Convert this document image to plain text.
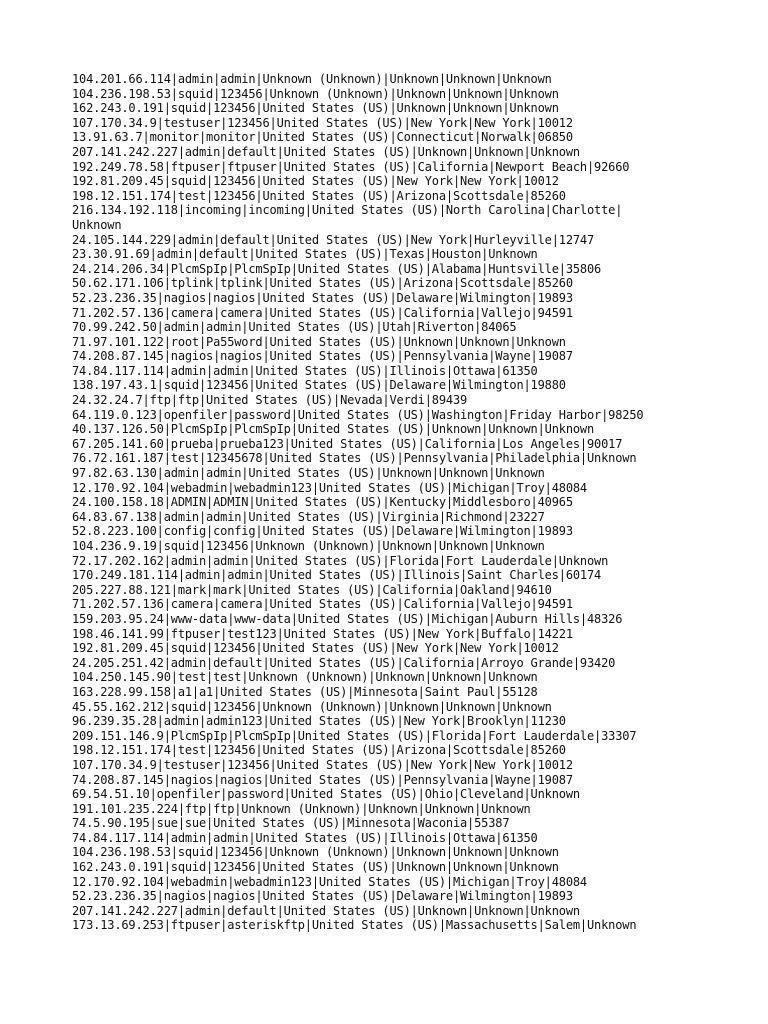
104.201.66.114|admin|admin|Unknown (Unknown)|Unknown|Unknown|Unknown
104.236.198.53|squid|123456|Unknown (Unknown)|Unknown|Unknown|Unknown
162.243.0.191|squid|123456|United States (US)|Unknown|Unknown|Unknown
107.170.34.9|testuser|123456|United States (US)|New York|New York|10012
13.91.63.7|monitor|monitor|United States (US)|Connecticut|Norwalk|06850
207.141.242.227|admin|default|United States (US)|Unknown|Unknown|Unknown
192.249.78.58|ftpuser|ftpuser|United States (US)|California|Newport Beach|92660
192.81.209.45|squid|123456|United States (US)|New York|New York|10012
198.12.151.174|test|123456|United States (US)|Arizona|Scottsdale|85260
216.134.192.118|incoming|incoming|United States (US)|North Carolina|Charlotte|
Unknown
24.105.144.229|admin|default|United States (US)|New York|Hurleyville|12747
23.30.91.69|admin|default|United States (US)|Texas|Houston|Unknown
24.214.206.34|PlcmSpIp|PlcmSpIp|United States (US)|Alabama|Huntsville|35806
50.62.171.106|tplink|tplink|United States (US)|Arizona|Scottsdale|85260
52.23.236.35|nagios|nagios|United States (US)|Delaware|Wilmington|19893
71.202.57.136|camera|camera|United States (US)|California|Vallejo|94591
70.99.242.50|admin|admin|United States (US)|Utah|Riverton|84065
71.97.101.122|root|Pa55word|United States (US)|Unknown|Unknown|Unknown
74.208.87.145|nagios|nagios|United States (US)|Pennsylvania|Wayne|19087
74.84.117.114|admin|admin|United States (US)|Illinois|Ottawa|61350
138.197.43.1|squid|123456|United States (US)|Delaware|Wilmington|19880
24.32.24.7|ftp|ftp|United States (US)|Nevada|Verdi|89439
64.119.0.123|openfiler|password|United States (US)|Washington|Friday Harbor|98250
40.137.126.50|PlcmSpIp|PlcmSpIp|United States (US)|Unknown|Unknown|Unknown
67.205.141.60|prueba|prueba123|United States (US)|California|Los Angeles|90017
76.72.161.187|test|12345678|United States (US)|Pennsylvania|Philadelphia|Unknown
97.82.63.130|admin|admin|United States (US)|Unknown|Unknown|Unknown
12.170.92.104|webadmin|webadmin123|United States (US)|Michigan|Troy|48084
24.100.158.18|ADMIN|ADMIN|United States (US)|Kentucky|Middlesboro|40965
64.83.67.138|admin|admin|United States (US)|Virginia|Richmond|23227
52.8.223.100|config|config|United States (US)|Delaware|Wilmington|19893
104.236.9.19|squid|123456|Unknown (Unknown)|Unknown|Unknown|Unknown
72.17.202.162|admin|admin|United States (US)|Florida|Fort Lauderdale|Unknown
170.249.181.114|admin|admin|United States (US)|Illinois|Saint Charles|60174
205.227.88.121|mark|mark|United States (US)|California|Oakland|94610
71.202.57.136|camera|camera|United States (US)|California|Vallejo|94591
159.203.95.24|www-data|www-data|United States (US)|Michigan|Auburn Hills|48326
198.46.141.99|ftpuser|test123|United States (US)|New York|Buffalo|14221
192.81.209.45|squid|123456|United States (US)|New York|New York|10012
24.205.251.42|admin|default|United States (US)|California|Arroyo Grande|93420
104.250.145.90|test|test|Unknown (Unknown)|Unknown|Unknown|Unknown
163.228.99.158|a1|a1|United States (US)|Minnesota|Saint Paul|55128
45.55.162.212|squid|123456|Unknown (Unknown)|Unknown|Unknown|Unknown
96.239.35.28|admin|admin123|United States (US)|New York|Brooklyn|11230
209.151.146.9|PlcmSpIp|PlcmSpIp|United States (US)|Florida|Fort Lauderdale|33307
198.12.151.174|test|123456|United States (US)|Arizona|Scottsdale|85260
107.170.34.9|testuser|123456|United States (US)|New York|New York|10012
74.208.87.145|nagios|nagios|United States (US)|Pennsylvania|Wayne|19087
69.54.51.10|openfiler|password|United States (US)|Ohio|Cleveland|Unknown
191.101.235.224|ftp|ftp|Unknown (Unknown)|Unknown|Unknown|Unknown
74.5.90.195|sue|sue|United States (US)|Minnesota|Waconia|55387
74.84.117.114|admin|admin|United States (US)|Illinois|Ottawa|61350
104.236.198.53|squid|123456|Unknown (Unknown)|Unknown|Unknown|Unknown
162.243.0.191|squid|123456|United States (US)|Unknown|Unknown|Unknown
12.170.92.104|webadmin|webadmin123|United States (US)|Michigan|Troy|48084
52.23.236.35|nagios|nagios|United States (US)|Delaware|Wilmington|19893
207.141.242.227|admin|default|United States (US)|Unknown|Unknown|Unknown
173.13.69.253|ftpuser|asteriskftp|United States (US)|Massachusetts|Salem|Unknown
